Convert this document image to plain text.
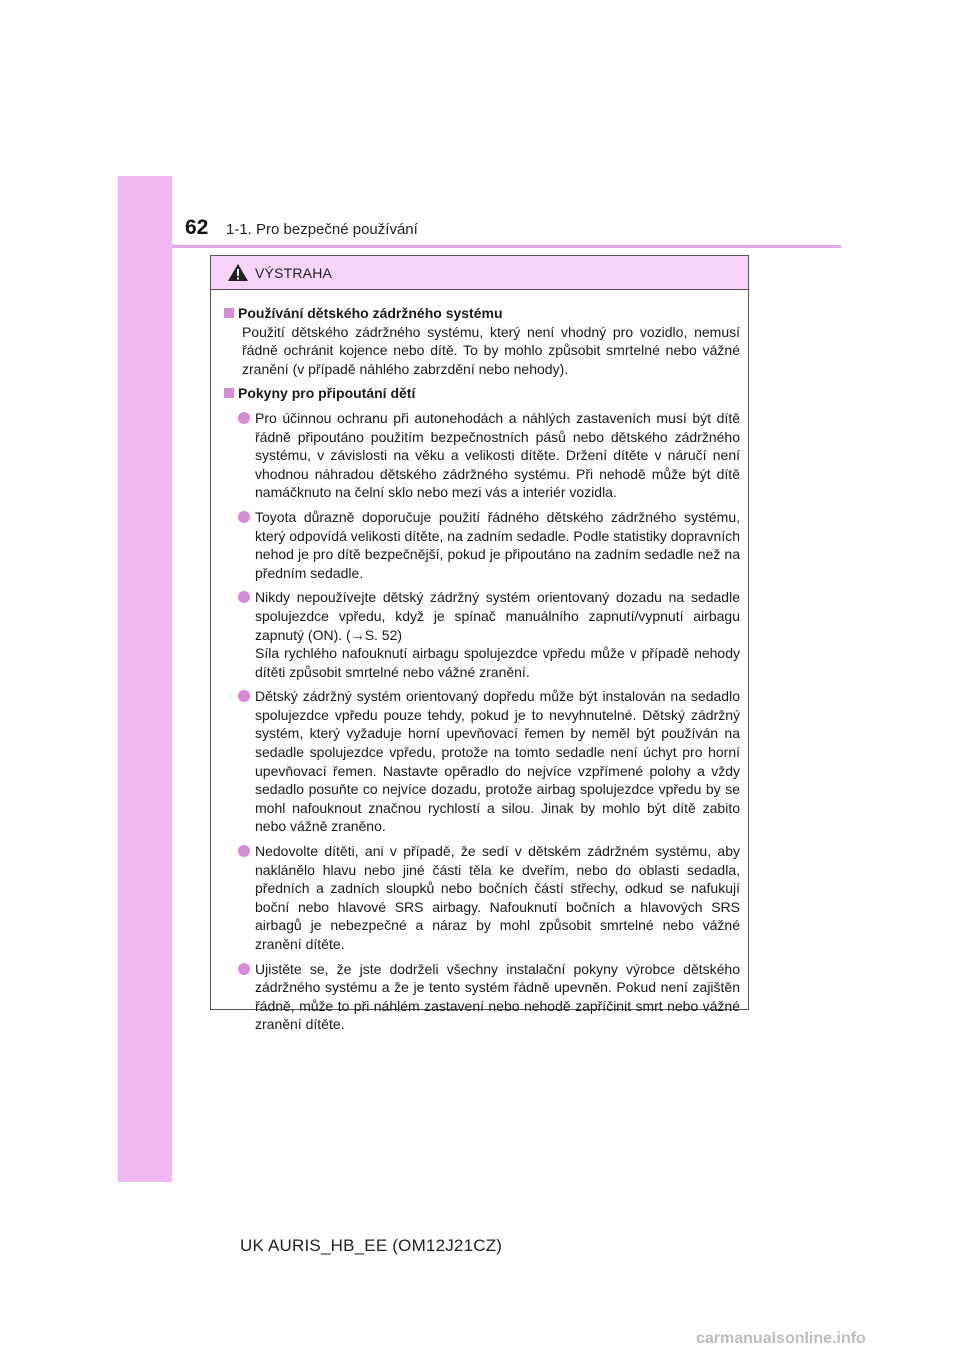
62 1-1. Pro bezpečné používání
VÝSTRAHA
Používání dětského zádržného systému
Použití dětského zádržného systému, který není vhodný pro vozidlo, nemusí řádně ochránit kojence nebo dítě. To by mohlo způsobit smrtelné nebo vážné zranění (v případě náhlého zabrzdění nebo nehody).
Pokyny pro připoutání dětí
Pro účinnou ochranu při autonehodách a náhlých zastaveních musí být dítě řádně připoutáno použitím bezpečnostních pásů nebo dětského zádržného systému, v závislosti na věku a velikosti dítěte. Držení dítěte v náručí není vhodnou náhradou dětského zádržného systému. Při nehodě může být dítě namáčknuto na čelní sklo nebo mezi vás a interiér vozidla.
Toyota důrazně doporučuje použití řádného dětského zádržného systému, který odpovídá velikosti dítěte, na zadním sedadle. Podle statistiky dopravních nehod je pro dítě bezpečnější, pokud je připoutáno na zadním sedadle než na předním sedadle.
Nikdy nepoužívejte dětský zádržný systém orientovaný dozadu na sedadle spolujezdce vpředu, když je spínač manuálního zapnutí/vypnutí airbagu zapnutý (ON). (→S. 52)
Síla rychlého nafouknutí airbagu spolujezdce vpředu může v případě nehody dítěti způsobit smrtelné nebo vážné zranění.
Dětský zádržný systém orientovaný dopředu může být instalován na sedadlo spolujezdce vpředu pouze tehdy, pokud je to nevyhnutelné. Dětský zádržný systém, který vyžaduje horní upevňovací řemen by neměl být používán na sedadle spolujezdce vpředu, protože na tomto sedadle není úchyt pro horní upevňovací řemen. Nastavte opěradlo do nejvíce vzpřímené polohy a vždy sedadlo posuňte co nejvíce dozadu, protože airbag spolujezdce vpředu by se mohl nafouknout značnou rychlostí a silou. Jinak by mohlo být dítě zabito nebo vážně zraněno.
Nedovolte dítěti, ani v případě, že sedí v dětském zádržném systému, aby naklánělo hlavu nebo jiné části těla ke dveřím, nebo do oblasti sedadla, předních a zadních sloupků nebo bočních částí střechy, odkud se nafukují boční nebo hlavové SRS airbagy. Nafouknutí bočních a hlavových SRS airbagů je nebezpečné a náraz by mohl způsobit smrtelné nebo vážné zranění dítěte.
Ujistěte se, že jste dodrželi všechny instalační pokyny výrobce dětského zádržného systému a že je tento systém řádně upevněn. Pokud není zajištěn řádně, může to při náhlém zastavení nebo nehodě zapříčinit smrt nebo vážné zranění dítěte.
UK AURIS_HB_EE (OM12J21CZ)
carmanualsonline.info
